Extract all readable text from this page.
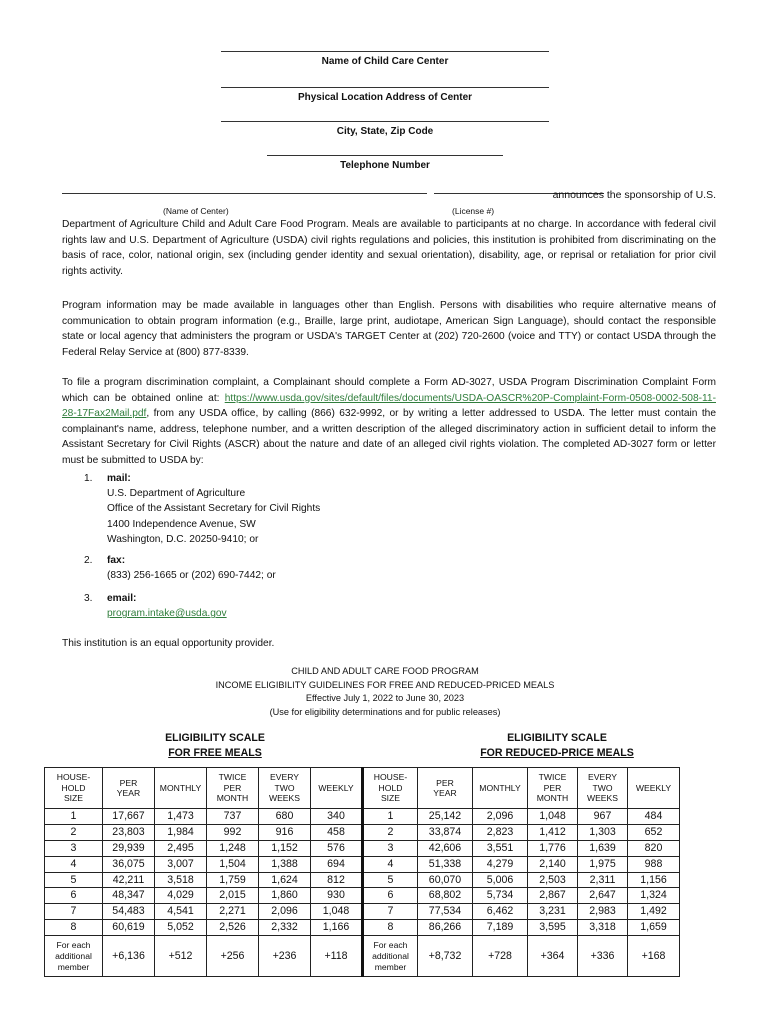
Name of Child Care Center
Physical Location Address of Center
City, State, Zip Code
Telephone Number
announces the sponsorship of U.S.
(Name of Center)	(License #)
Department of Agriculture Child and Adult Care Food Program. Meals are available to participants at no charge. In accordance with federal civil rights law and U.S. Department of Agriculture (USDA) civil rights regulations and policies, this institution is prohibited from discriminating on the basis of race, color, national origin, sex (including gender identity and sexual orientation), disability, age, or reprisal or retaliation for prior civil rights activity.
Program information may be made available in languages other than English. Persons with disabilities who require alternative means of communication to obtain program information (e.g., Braille, large print, audiotape, American Sign Language), should contact the responsible state or local agency that administers the program or USDA's TARGET Center at (202) 720-2600 (voice and TTY) or contact USDA through the Federal Relay Service at (800) 877-8339.
To file a program discrimination complaint, a Complainant should complete a Form AD-3027, USDA Program Discrimination Complaint Form which can be obtained online at: https://www.usda.gov/sites/default/files/documents/USDA-OASCR%20P-Complaint-Form-0508-0002-508-11-28-17Fax2Mail.pdf, from any USDA office, by calling (866) 632-9992, or by writing a letter addressed to USDA. The letter must contain the complainant's name, address, telephone number, and a written description of the alleged discriminatory action in sufficient detail to inform the Assistant Secretary for Civil Rights (ASCR) about the nature and date of an alleged civil rights violation. The completed AD-3027 form or letter must be submitted to USDA by:
1. mail:
U.S. Department of Agriculture
Office of the Assistant Secretary for Civil Rights
1400 Independence Avenue, SW
Washington, D.C. 20250-9410; or
2. fax:
(833) 256-1665 or (202) 690-7442; or
3. email:
program.intake@usda.gov
This institution is an equal opportunity provider.
CHILD AND ADULT CARE FOOD PROGRAM
INCOME ELIGIBILITY GUIDELINES FOR FREE AND REDUCED-PRICED MEALS
Effective July 1, 2022 to June 30, 2023
(Use for eligibility determinations and for public releases)
ELIGIBILITY SCALE
FOR FREE MEALS
ELIGIBILITY SCALE
FOR REDUCED-PRICE MEALS
HOUSE-
HOLD
SIZE	PER
YEAR	MONTHLY	TWICE
PER
MONTH	EVERY
TWO
WEEKS	WEEKLY	HOUSE-
HOLD
SIZE	PER
YEAR	MONTHLY	TWICE
PER
MONTH	EVERY
TWO
WEEKS	WEEKLY
1	17,667	1,473	737	680	340	1	25,142	2,096	1,048	967	484
2	23,803	1,984	992	916	458	2	33,874	2,823	1,412	1,303	652
3	29,939	2,495	1,248	1,152	576	3	42,606	3,551	1,776	1,639	820
4	36,075	3,007	1,504	1,388	694	4	51,338	4,279	2,140	1,975	988
5	42,211	3,518	1,759	1,624	812	5	60,070	5,006	2,503	2,311	1,156
6	48,347	4,029	2,015	1,860	930	6	68,802	5,734	2,867	2,647	1,324
7	54,483	4,541	2,271	2,096	1,048	7	77,534	6,462	3,231	2,983	1,492
8	60,619	5,052	2,526	2,332	1,166	8	86,266	7,189	3,595	3,318	1,659
For each
additional
member	+6,136	+512	+256	+236	+118	For each
additional
member	+8,732	+728	+364	+336	+168
